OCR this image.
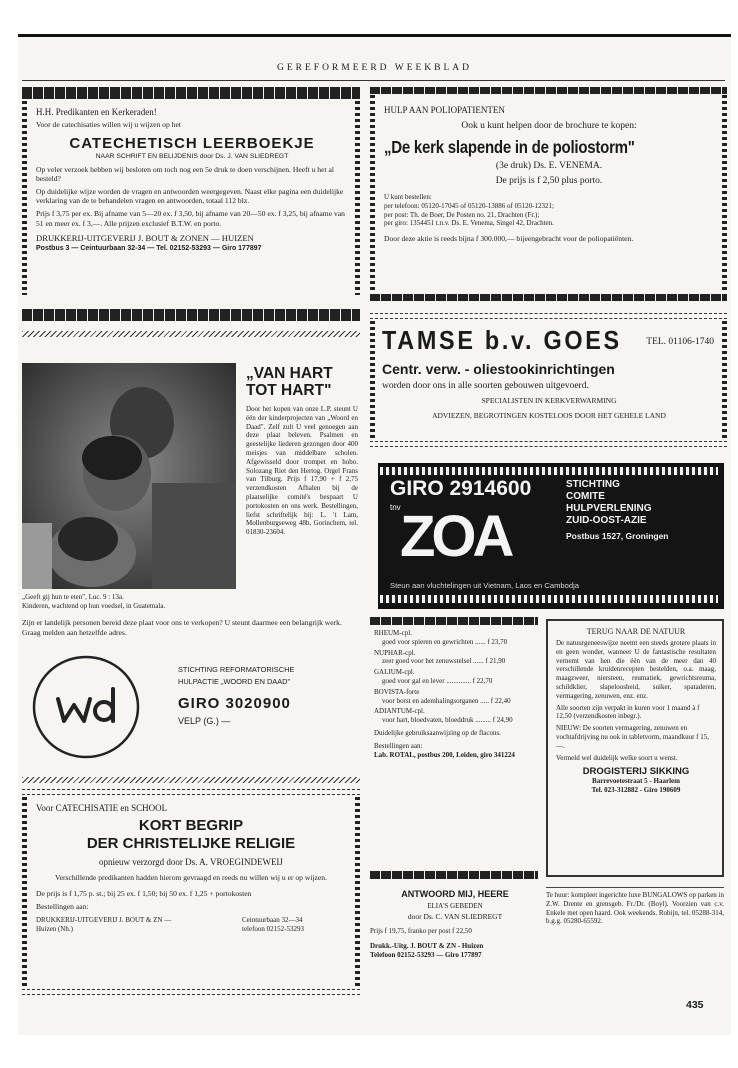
GEREFORMEERD WEEKBLAD

H.H. Predikanten en Kerkeraden!

Voor de catechisaties willen wij u wijzen op het

CATECHETISCH LEERBOEKJE

NAAR SCHRIFT EN BELIJDENIS door Ds. J. VAN SLIEDREGT

Op veler verzoek hebben wij besloten om toch nog een 5e druk te doen verschijnen. Heeft u het al besteld?

Op duidelijke wijze worden de vragen en antwoorden weergegeven. Naast elke pagina een duidelijke verklaring van de te behandelen vragen en antwoorden, totaal 112 blz.

Prijs f 3,75 per ex. Bij afname van 5—20 ex. f 3,50, bij afname van 20—50 ex. f 3,25, bij afname van 51 en meer ex. f 3,—. Alle prijzen exclusief B.T.W. en porto.

DRUKKERIJ-UITGEVERIJ J. BOUT & ZONEN — HUIZEN

Postbus 3 — Ceintuurbaan 32-34 — Tel. 02152-53293 — Giro 177897

„VAN HART

TOT HART"

Door het kopen van onze L.P. steunt U één der kinderprojecten van „Woord en Daad". Zelf zult U veel genoegen aan deze plaat beleven. Psalmen en geestelijke liederen gezongen door 400 meisjes van middelbare scholen. Afgewisseld door trompet en hobo. Solozang Riet den Hertog. Orgel Frans van Tilburg. Prijs f 17,90 + f 2,75 verzendkosten Afhalen bij de plaatselijke comité's bespaart U portokosten en ons werk. Bestellingen, liefst schriftelijk bij: L. 't Lam, Mollenburgseweg 48b, Gorinchem, tel. 01830-23604.

„Geeft gij hun te eten", Luc. 9 : 13a.

Kinderen, wachtend op hun voedsel, in Guatemala.

Zijn er landelijk personen bereid deze plaat voor ons te verkopen? U steunt daarmee een belangrijk werk. Graag melden aan hetzelfde adres.

STICHTING REFORMATORISCHE

HULPACTIE „WOORD EN DAAD"

GIRO 3020900

VELP (G.) —

Voor CATECHISATIE en SCHOOL

KORT BEGRIP

DER CHRISTELIJKE RELIGIE

opnieuw verzorgd door Ds. A. VROEGINDEWEIJ

Verschillende predikanten hadden hierom gevraagd en reeds nu willen wij u er op wijzen.

De prijs is f 1,75 p. st.; bij 25 ex. f 1,50; bij 50 ex. f 1,25 + portokosten

Bestellingen aan:

DRUKKERIJ-UITGEVERIJ J. BOUT & ZN —

Huizen (Nh.)

Ceintuurbaan 32—34

telefoon 02152-53293

HULP AAN POLIOPATIENTEN

Ook u kunt helpen door de brochure te kopen:

„De kerk slapende in de poliostorm"

(3e druk) Ds. E. VENEMA.

De prijs is f 2,50 plus porto.

U kunt bestellen:

per telefoon: 05120-17045 of 05120-13886 of 05120-12321;

per post: Th. de Boer, De Posten no. 21, Drachten (Fr.);

per giro: 1354451 t.n.v. Ds. E. Venema, Singel 42, Drachten.

Door deze aktie is reeds bijna f 300.000,— bijeengebracht voor de poliopatiënten.

TAMSE b.v. GOES	TEL. 01106-1740

Centr. verw. - oliestookinrichtingen

worden door ons in alle soorten gebouwen uitgevoerd.

SPECIALISTEN IN KERKVERWARMING

ADVIEZEN, BEGROTINGEN KOSTELOOS DOOR HET GEHELE LAND

GIRO 2914600

tnv ZOA

STICHTING

COMITE

HULPVERLENING

ZUID-OOST-AZIE

Postbus 1527, Groningen

Steun aan vluchtelingen uit Vietnam, Laos en Cambodja

RHEUM-cpl.

goed voor spieren en gewrichten ...... f 23,70

NUPHAR-cpl.

zeer goed voor het zenuwstelsel ...... f 21,90

GALIUM-cpl.

goed voor gal en lever .............. f 22,70

BOVISTA-forte

voor borst en ademhalingsorganen ..... f 22,40

ADIANTUM-cpl.

voor hart, bloedvaten, bloeddruk ......... f 24,90

Duidelijke gebruiksaanwijzing op de flacons.

Bestellingen aan:

Lab. ROTAL, postbus 200, Leiden, giro 341224

TERUG NAAR DE NATUUR

De natuurgeneeswijze neemt een steeds grotere plaats in en geen wonder, wanneer U de fantastische resultaten vernemt van hen die één van de meer dan 40 verschillende kruidenrecepten bestelden, o.a. maag, maagzweer, niersteen, reumatiek, gewrichtsreuma, schildklier, slapeloosheid, suiker, spataderen, vermagering, zenuwen, enz. enz.

Alle soorten zijn verpakt in kuren voor 1 maand à f 12,50 (verzendkosten inbegr.).

NIEUW: De soorten vermagering, zenuwen en vochtafdrijving nu ook in tabletvorm, maandkuur f 15,—.

Vermeld wel duidelijk welke soort u wenst.

DROGISTERIJ SIKKING

Barrevoetestraat 5 - Haarlem

Tel. 023-312882 - Giro 190609

ANTWOORD MIJ, HEERE

ELIA'S GEBEDEN

door Ds. C. VAN SLIEDREGT

Prijs f 19,75, franko per post f 22,50

Drukk.-Uitg. J. BOUT & ZN - Huizen

Telefoon 02152-53293 — Giro 177897

Te huur: kompleet ingerichte luxe BUNGALOWS op parken in Z.W. Drente en grensgeb. Fr./Dr. (Boyl). Voorzien van c.v. Enkele met open haard. Ook weekends. Robijn, tel. 05288-314, b.g.g. 05280-65592.

435
